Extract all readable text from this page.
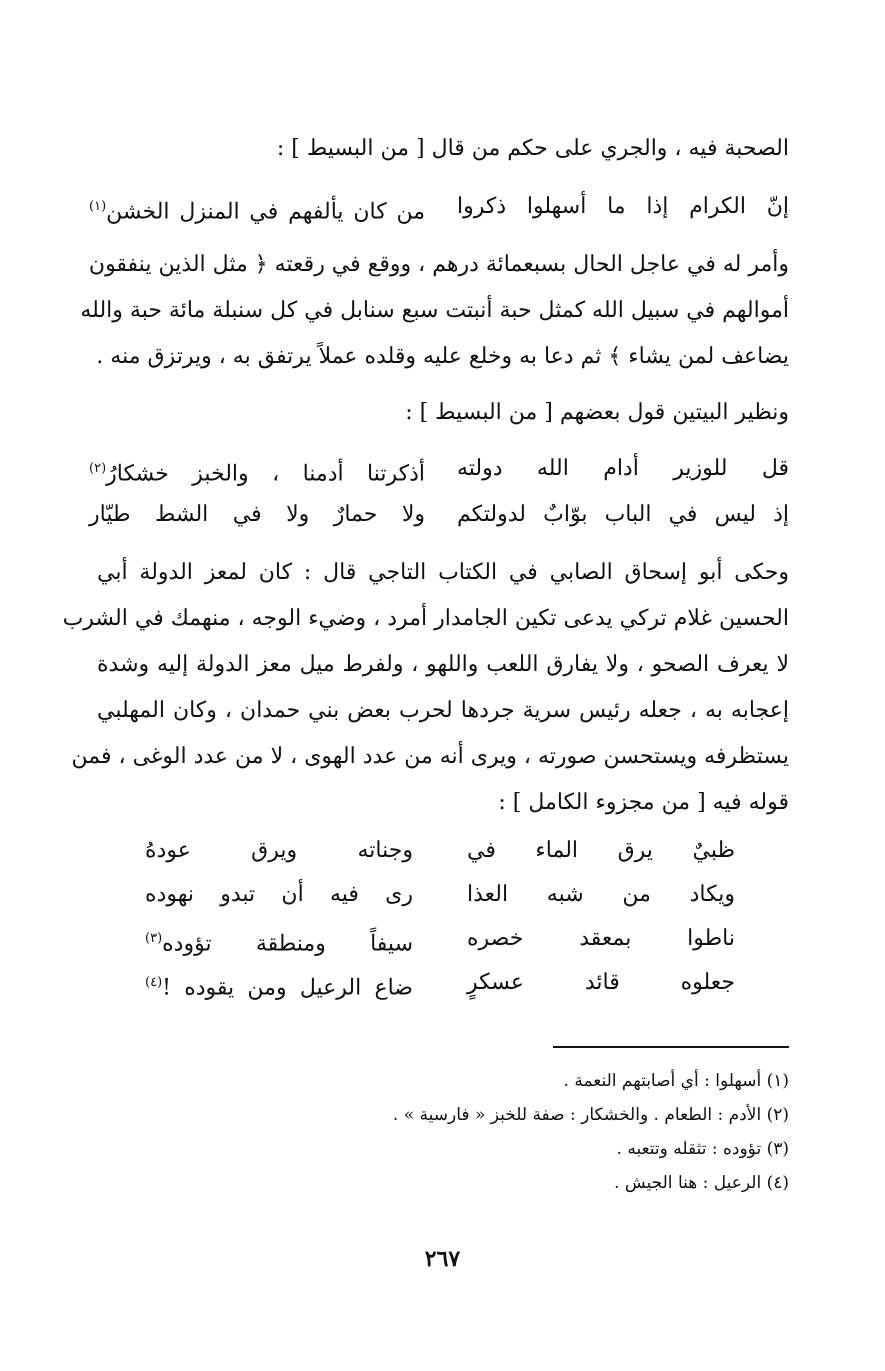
الصحبة فيه ، والجري على حكم من قال [ من البسيط ] :
إنّ الكرام إذا ما أسهلوا ذكروا
من كان يألفهم في المنزل الخشن$^{(١)}$
وأمر له في عاجل الحال بسبعمائة درهم ، ووقع في رقعته ﴿ مثل الذين ينفقون
أموالهم في سبيل الله كمثل حبة أنبتت سبع سنابل في كل سنبلة مائة حبة والله
يضاعف لمن يشاء ﴾ ثم دعا به وخلع عليه وقلده عملاً يرتفق به ، ويرتزق منه .
ونظير البيتين قول بعضهم [ من البسيط ] :
قل للوزير أدام الله دولته
أذكرتنا أدمنا ، والخبز خشكارُ$^{(٢)}$
إذ ليس في الباب بوّابٌ لدولتكم
ولا حمارٌ ولا في الشط طيّار
وحكى أبو إسحاق الصابي في الكتاب التاجي قال : كان لمعز الدولة أبي
الحسين غلام تركي يدعى تكين الجامدار أمرد ، وضيء الوجه ، منهمك في الشرب
لا يعرف الصحو ، ولا يفارق اللعب واللهو ، ولفرط ميل معز الدولة إليه وشدة
إعجابه به ، جعله رئيس سرية جردها لحرب بعض بني حمدان ، وكان المهلبي
يستظرفه ويستحسن صورته ، ويرى أنه من عدد الهوى ، لا من عدد الوغى ، فمن
قوله فيه [ من مجزوء الكامل ] :
ظبيٌ يرق الماء في
وجناته ويرق عودهُ
ويكاد من شبه العذا
رى فيه أن تبدو نهوده
ناطوا بمعقد خصره
سيفاً ومنطقة تؤوده$^{(٣)}$
جعلوه قائد عسكرٍ
ضاع الرعيل ومن يقوده !$^{(٤)}$
(١) أسهلوا : أي أصابتهم النعمة .
(٢) الأدم : الطعام . والخشكار : صفة للخبز « فارسية » .
(٣) تؤوده : تثقله وتتعبه .
(٤) الرعيل : هنا الجيش .
٢٦٧
